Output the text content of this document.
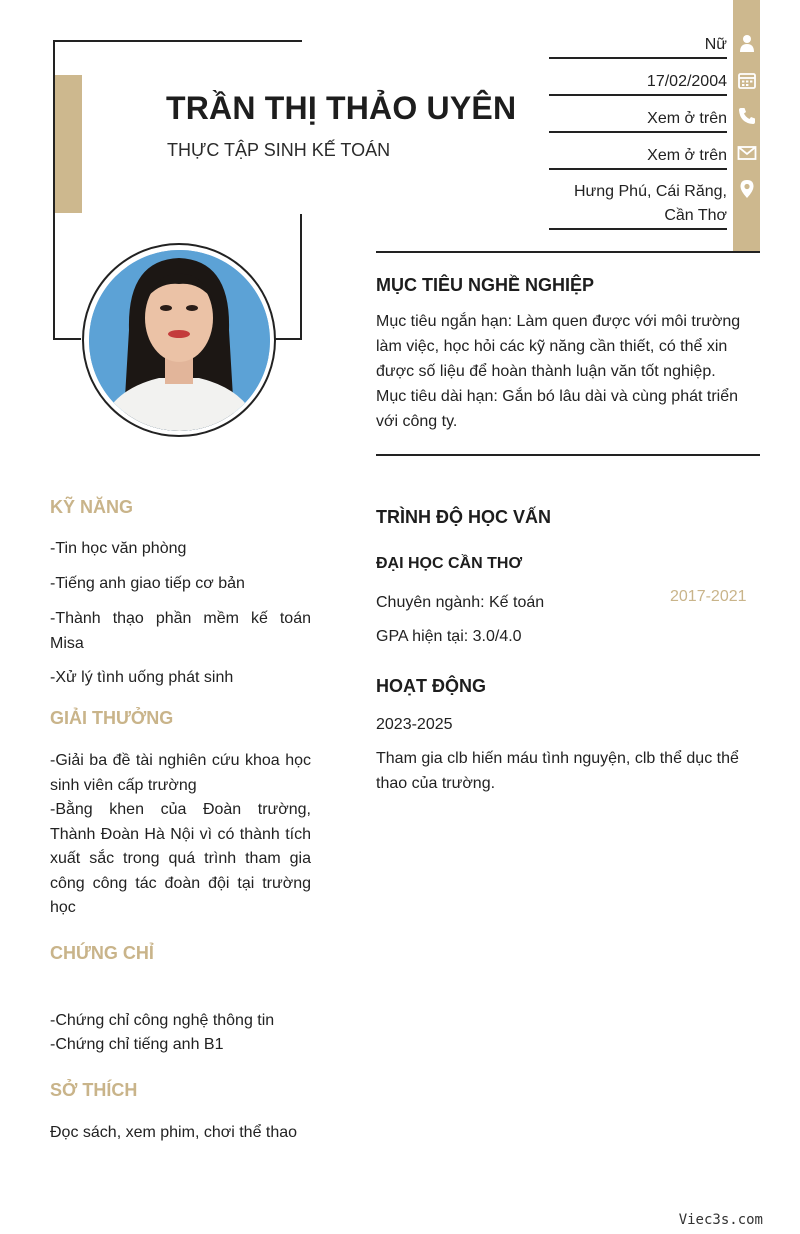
TRẦN THỊ THẢO UYÊN
THỰC TẬP SINH KẾ TOÁN
Nữ
17/02/2004
Xem ở trên
Xem ở trên
Hưng Phú, Cái Răng,
Cần Thơ
MỤC TIÊU NGHỀ NGHIỆP
Mục tiêu ngắn hạn: Làm quen được với môi trường làm việc, học hỏi các kỹ năng cần thiết, có thể xin được số liệu để hoàn thành luận văn tốt nghiệp.
Mục tiêu dài hạn: Gắn bó lâu dài và cùng phát triển với công ty.
KỸ NĂNG
-Tin học văn phòng
-Tiếng anh giao tiếp cơ bản
-Thành thạo phần mềm kế toán Misa
-Xử lý tình uống phát sinh
GIẢI THƯỞNG
-Giải ba đề tài nghiên cứu khoa học sinh viên cấp trường
-Bằng khen của Đoàn trường, Thành Đoàn Hà Nội vì có thành tích xuất sắc trong quá trình tham gia công công tác đoàn đội tại trường học
CHỨNG CHỈ
-Chứng chỉ công nghệ thông tin
-Chứng chỉ tiếng anh B1
SỞ THÍCH
Đọc sách, xem phim, chơi thể thao
TRÌNH ĐỘ HỌC VẤN
ĐẠI HỌC CẦN THƠ
Chuyên ngành: Kế toán	2017-2021
GPA hiện tại: 3.0/4.0
HOẠT ĐỘNG
2023-2025
Tham gia clb hiến máu tình nguyện, clb thể dục thể thao của trường.
Viec3s.com
